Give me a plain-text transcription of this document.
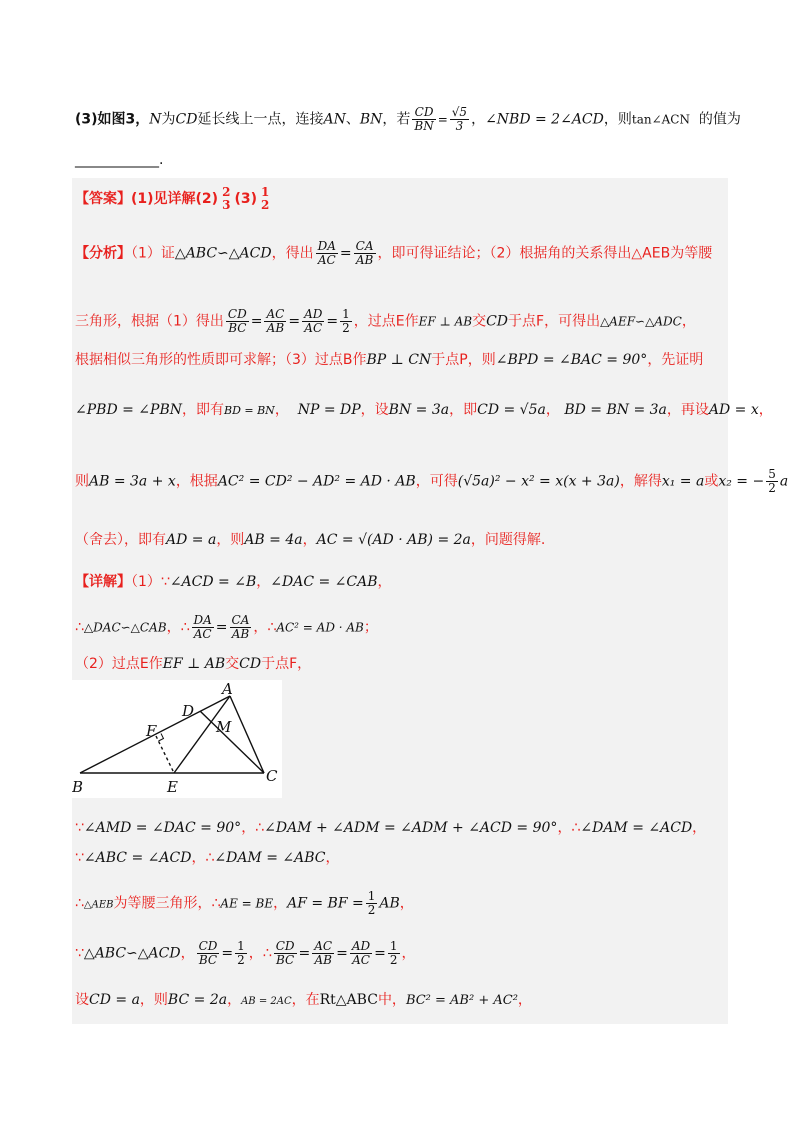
(3)如图3，N为CD延长线上一点，连接AN、BN，若 $\frac{CD}{BN} = \frac{√5}{3}$ ，∠NBD = 2∠ACD，则tan∠ACN 的值为
____________.
【答案】(1)见详解(2) 2
3 (3) 1
2
【分析】（1）证△ABC∽△ACD，得出 $\frac{DA}{AC} = \frac{CA}{AB}$ ，即可得证结论；（2）根据角的关系得出△AEB为等腰
三角形，根据（1）得出 $\frac{CD}{BC} = \frac{AC}{AB} = \frac{AD}{AC} = \frac{1}{2}$ ，过点E作EF ⊥ AB交CD于点F，可得出△AEF∽△ADC，
根据相似三角形的性质即可求解；（3）过点B作BP ⊥ CN于点P，则∠BPD = ∠BAC = 90°，先证明
∠PBD = ∠PBN，即有BD = BN， NP = DP，设BN = 3a，即CD = √5a， BD = BN = 3a，再设AD = x，
则AB = 3a + x，根据AC² = CD² − AD² = AD · AB，可得(√5a)² − x² = x(x + 3a)，解得x₁ = a或x₂ = − $\frac{5}{2}$ a
（舍去），即有AD = a，则AB = 4a，AC = √(AD · AB) = 2a，问题得解.
【详解】（1）∵∠ACD = ∠B，∠DAC = ∠CAB，
∴△DAC∽△CAB，∴ $\frac{DA}{AC} = \frac{CA}{AB}$ ，∴AC² = AD · AB；
（2）过点E作EF ⊥ AB交CD于点F，
A
B
C
D
E
F	M
∵∠AMD = ∠DAC = 90°，∴∠DAM + ∠ADM = ∠ADM + ∠ACD = 90°，∴∠DAM = ∠ACD，
∵∠ABC = ∠ACD，∴∠DAM = ∠ABC，
∴△AEB为等腰三角形，∴AE = BE，AF = BF = $\frac{1}{2}$ AB，
∵△ABC∽△ACD， $\frac{CD}{BC} = \frac{1}{2}$ ，∴ $\frac{CD}{BC} = \frac{AC}{AB} = \frac{AD}{AC} = \frac{1}{2}$ ，
设CD = a，则BC = 2a，AB = 2AC，在Rt△ABC中，BC² = AB² + AC²，
